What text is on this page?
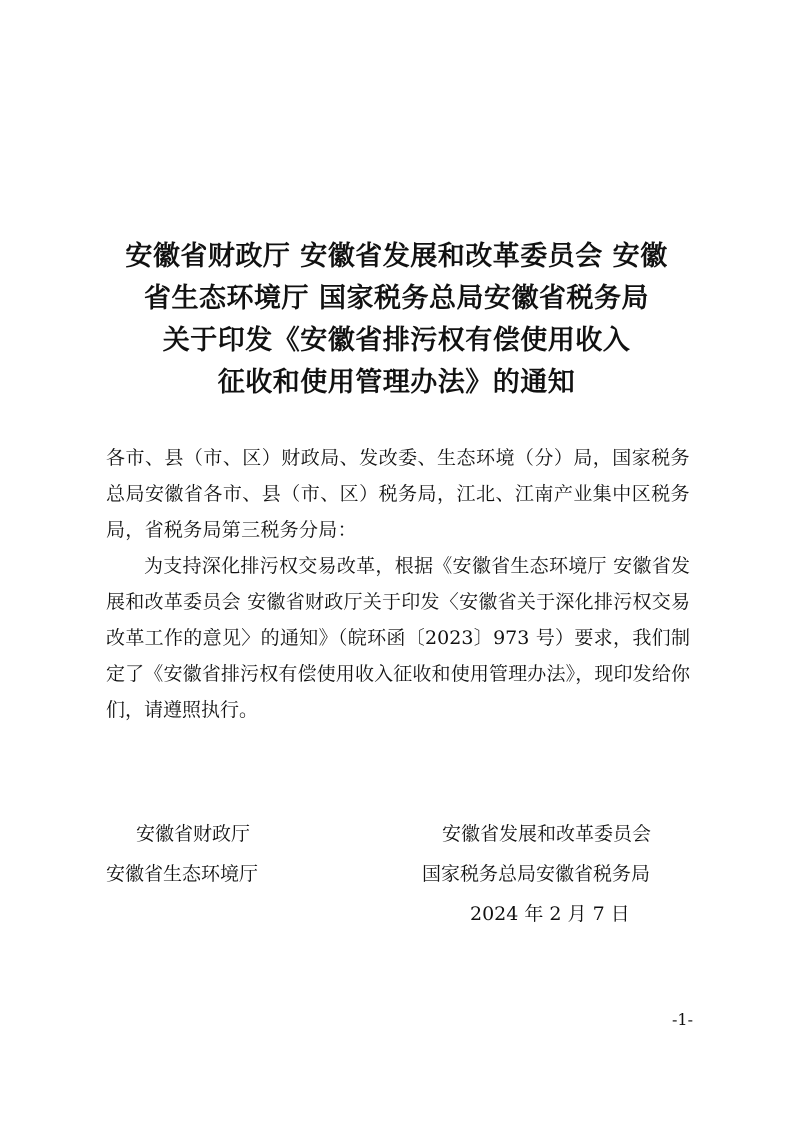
安徽省财政厅 安徽省发展和改革委员会 安徽
省生态环境厅 国家税务总局安徽省税务局
关于印发《安徽省排污权有偿使用收入
征收和使用管理办法》的通知

各市、县（市、区）财政局、发改委、生态环境（分）局，国家税务总局安徽省各市、县（市、区）税务局，江北、江南产业集中区税务局，省税务局第三税务分局：

为支持深化排污权交易改革，根据《安徽省生态环境厅 安徽省发展和改革委员会 安徽省财政厅关于印发〈安徽省关于深化排污权交易改革工作的意见〉的通知》（皖环函〔2023〕973 号）要求，我们制定了《安徽省排污权有偿使用收入征收和使用管理办法》，现印发给你们，请遵照执行。

安徽省财政厅	安徽省发展和改革委员会
安徽省生态环境厅	国家税务总局安徽省税务局
2024 年 2 月 7 日
-1-
